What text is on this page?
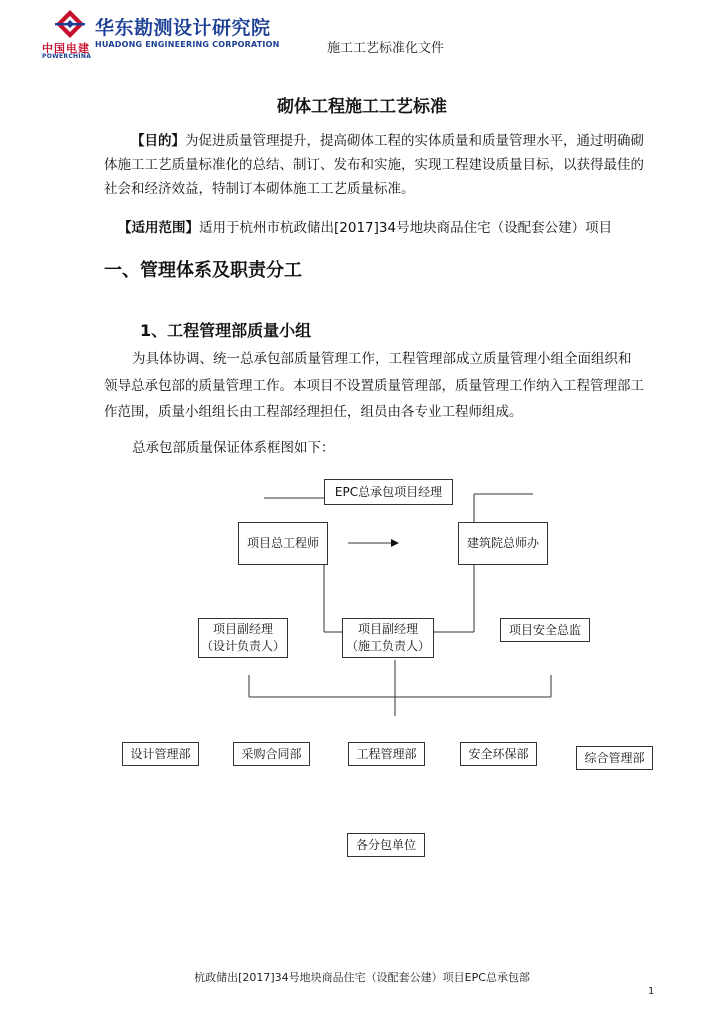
中国电建
POWERCHINA
华东勘测设计研究院
HUADONG ENGINEERING CORPORATION	施工工艺标准化文件
砌体工程施工工艺标准
【目的】为促进质量管理提升，提高砌体工程的实体质量和质量管理水平，通过明确砌体施工工艺质量标准化的总结、制订、发布和实施，实现工程建设质量目标，以获得最佳的社会和经济效益，特制订本砌体施工工艺质量标准。
【适用范围】适用于杭州市杭政储出[2017]34号地块商品住宅（设配套公建）项目
一、管理体系及职责分工
1、工程管理部质量小组
为具体协调、统一总承包部质量管理工作，工程管理部成立质量管理小组全面组织和领导总承包部的质量管理工作。本项目不设置质量管理部，质量管理工作纳入工程管理部工作范围，质量小组组长由工程部经理担任，组员由各专业工程师组成。
总承包部质量保证体系框图如下：
EPC总承包项目经理
项目总工程师	建筑院总师办
项目副经理
（设计负责人）
项目副经理
（施工负责人）
项目安全总监
设计管理部	采购合同部	工程管理部	安全环保部	综合管理部
各分包单位
杭政储出[2017]34号地块商品住宅（设配套公建）项目EPC总承包部
1
